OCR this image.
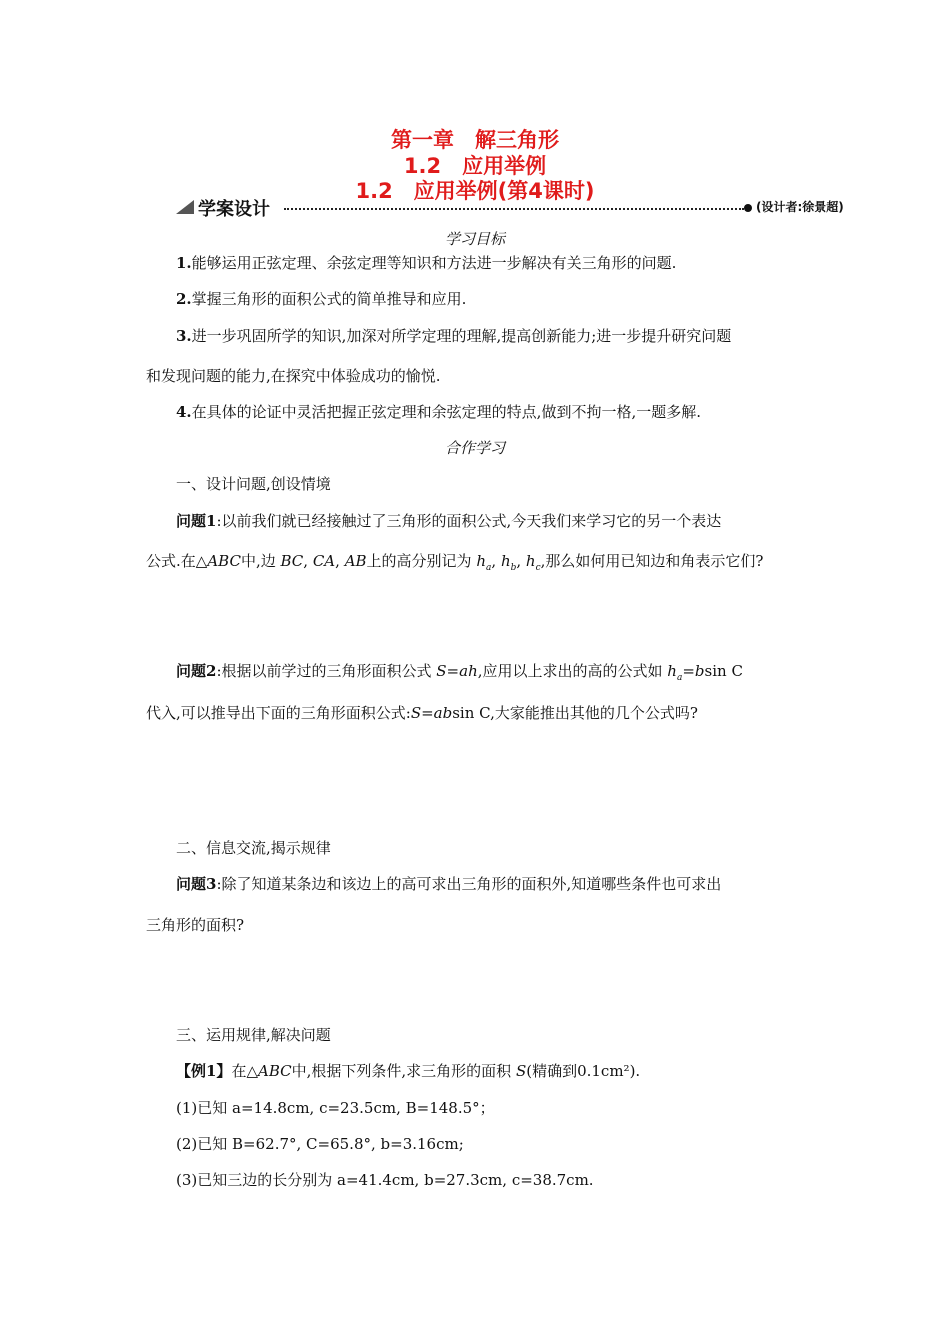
第一章　解三角形
1.2　应用举例
1.2　应用举例(第4课时)
学案设计	(设计者:徐景超)
学习目标
1.能够运用正弦定理、余弦定理等知识和方法进一步解决有关三角形的问题.
2.掌握三角形的面积公式的简单推导和应用.
3.进一步巩固所学的知识,加深对所学定理的理解,提高创新能力;进一步提升研究问题
和发现问题的能力,在探究中体验成功的愉悦.
4.在具体的论证中灵活把握正弦定理和余弦定理的特点,做到不拘一格,一题多解.
合作学习
一、设计问题,创设情境
问题1:以前我们就已经接触过了三角形的面积公式,今天我们来学习它的另一个表达
公式.在△ABC中,边 BC, CA, AB上的高分别记为 $h_a$, $h_b$, $h_c$,那么如何用已知边和角表示它们?
问题2:根据以前学过的三角形面积公式 S=ah,应用以上求出的高的公式如 $h_a=bsin$ C
代入,可以推导出下面的三角形面积公式:S=absin C,大家能推出其他的几个公式吗?
二、信息交流,揭示规律
问题3:除了知道某条边和该边上的高可求出三角形的面积外,知道哪些条件也可求出
三角形的面积?
三、运用规律,解决问题
【例1】在△ABC中,根据下列条件,求三角形的面积 S(精确到0.1cm²).
(1)已知 a=14.8cm, c=23.5cm, B=148.5°；
(2)已知 B=62.7°, C=65.8°, b=3.16cm;
(3)已知三边的长分别为 a=41.4cm, b=27.3cm, c=38.7cm.
